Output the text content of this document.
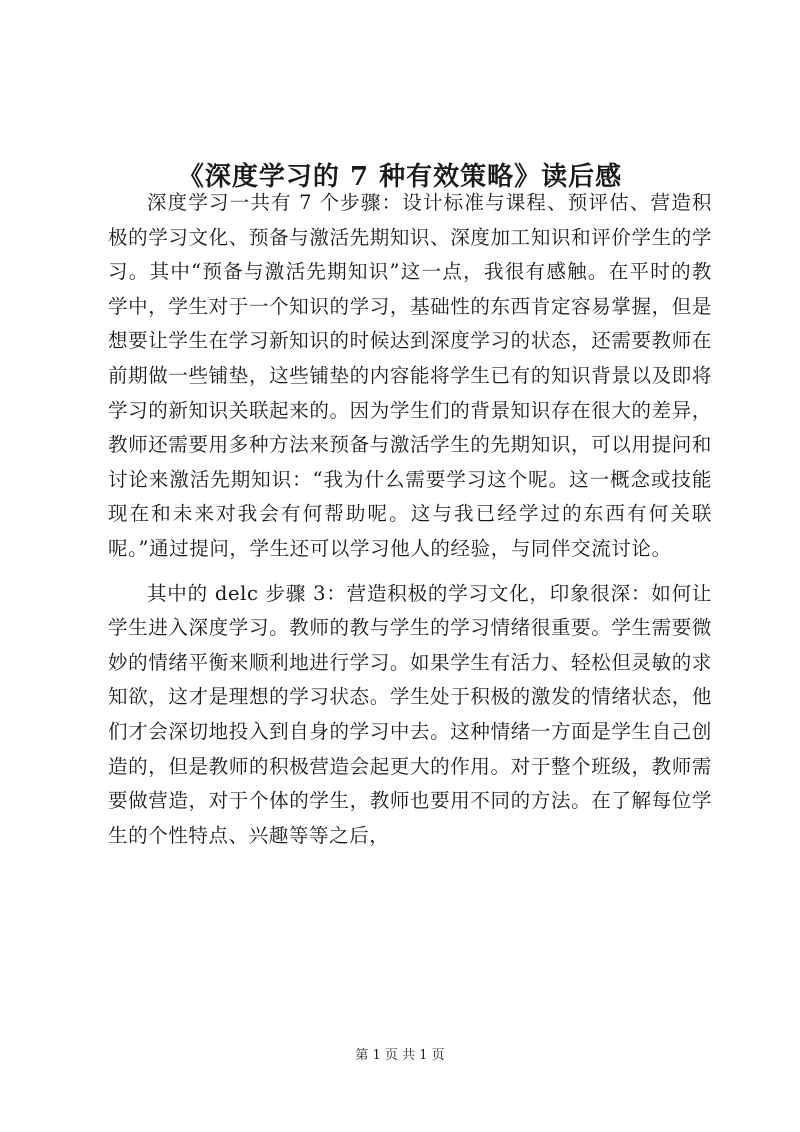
《深度学习的 7 种有效策略》读后感

深度学习一共有 7 个步骤：设计标准与课程、预评估、营造积极的学习文化、预备与激活先期知识、深度加工知识和评价学生的学习。其中“预备与激活先期知识”这一点，我很有感触。在平时的教学中，学生对于一个知识的学习，基础性的东西肯定容易掌握，但是想要让学生在学习新知识的时候达到深度学习的状态，还需要教师在前期做一些铺垫，这些铺垫的内容能将学生已有的知识背景以及即将学习的新知识关联起来的。因为学生们的背景知识存在很大的差异，教师还需要用多种方法来预备与激活学生的先期知识，可以用提问和讨论来激活先期知识：“我为什么需要学习这个呢。这一概念或技能现在和未来对我会有何帮助呢。这与我已经学过的东西有何关联呢。”通过提问，学生还可以学习他人的经验，与同伴交流讨论。

其中的 delc 步骤 3：营造积极的学习文化，印象很深：如何让学生进入深度学习。教师的教与学生的学习情绪很重要。学生需要微妙的情绪平衡来顺利地进行学习。如果学生有活力、轻松但灵敏的求知欲，这才是理想的学习状态。学生处于积极的激发的情绪状态，他们才会深切地投入到自身的学习中去。这种情绪一方面是学生自己创造的，但是教师的积极营造会起更大的作用。对于整个班级，教师需要做营造，对于个体的学生，教师也要用不同的方法。在了解每位学生的个性特点、兴趣等等之后，

第 1 页 共 1 页
